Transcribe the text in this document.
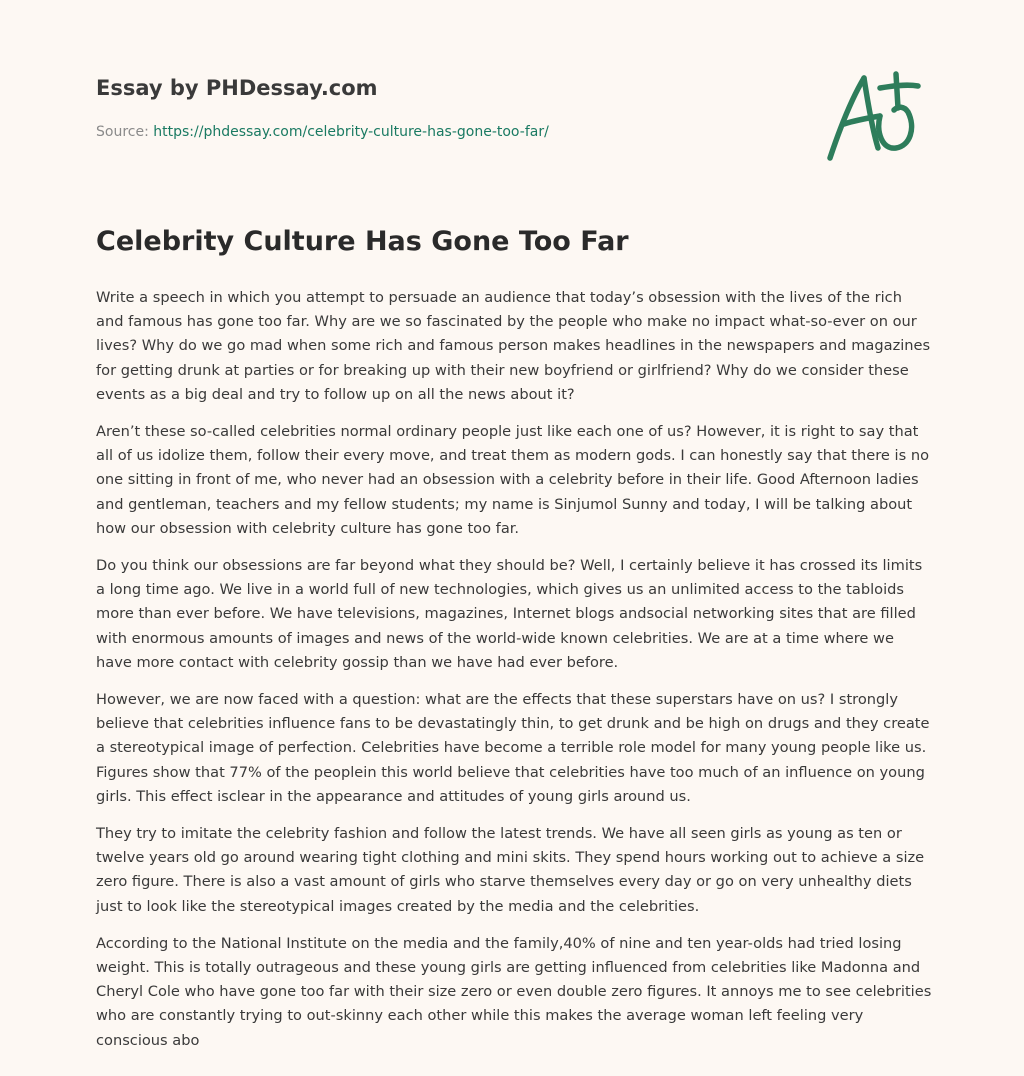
Essay by PHDessay.com
Source: https://phdessay.com/celebrity-culture-has-gone-too-far/
Celebrity Culture Has Gone Too Far

Write a speech in which you attempt to persuade an audience that today’s obsession with the lives of the rich and famous has gone too far. Why are we so fascinated by the people who make no impact what-so-ever on our lives? Why do we go mad when some rich and famous person makes headlines in the newspapers and magazines for getting drunk at parties or for breaking up with their new boyfriend or girlfriend? Why do we consider these events as a big deal and try to follow up on all the news about it?

Aren’t these so-called celebrities normal ordinary people just like each one of us? However, it is right to say that all of us idolize them, follow their every move, and treat them as modern gods. I can honestly say that there is no one sitting in front of me, who never had an obsession with a celebrity before in their life. Good Afternoon ladies and gentleman, teachers and my fellow students; my name is Sinjumol Sunny and today, I will be talking about how our obsession with celebrity culture has gone too far.

Do you think our obsessions are far beyond what they should be? Well, I certainly believe it has crossed its limits a long time ago. We live in a world full of new technologies, which gives us an unlimited access to the tabloids more than ever before. We have televisions, magazines, Internet blogs andsocial networking sites that are filled with enormous amounts of images and news of the world-wide known celebrities. We are at a time where we have more contact with celebrity gossip than we have had ever before.

However, we are now faced with a question: what are the effects that these superstars have on us? I strongly believe that celebrities influence fans to be devastatingly thin, to get drunk and be high on drugs and they create a stereotypical image of perfection. Celebrities have become a terrible role model for many young people like us. Figures show that 77% of the peoplein this world believe that celebrities have too much of an influence on young girls. This effect isclear in the appearance and attitudes of young girls around us.

They try to imitate the celebrity fashion and follow the latest trends. We have all seen girls as young as ten or twelve years old go around wearing tight clothing and mini skits. They spend hours working out to achieve a size zero figure. There is also a vast amount of girls who starve themselves every day or go on very unhealthy diets just to look like the stereotypical images created by the media and the celebrities.

According to the National Institute on the media and the family,40% of nine and ten year-olds had tried losing weight. This is totally outrageous and these young girls are getting influenced from celebrities like Madonna and Cheryl Cole who have gone too far with their size zero or even double zero figures. It annoys me to see celebrities who are constantly trying to out-skinny each other while this makes the average woman left feeling very conscious abo
